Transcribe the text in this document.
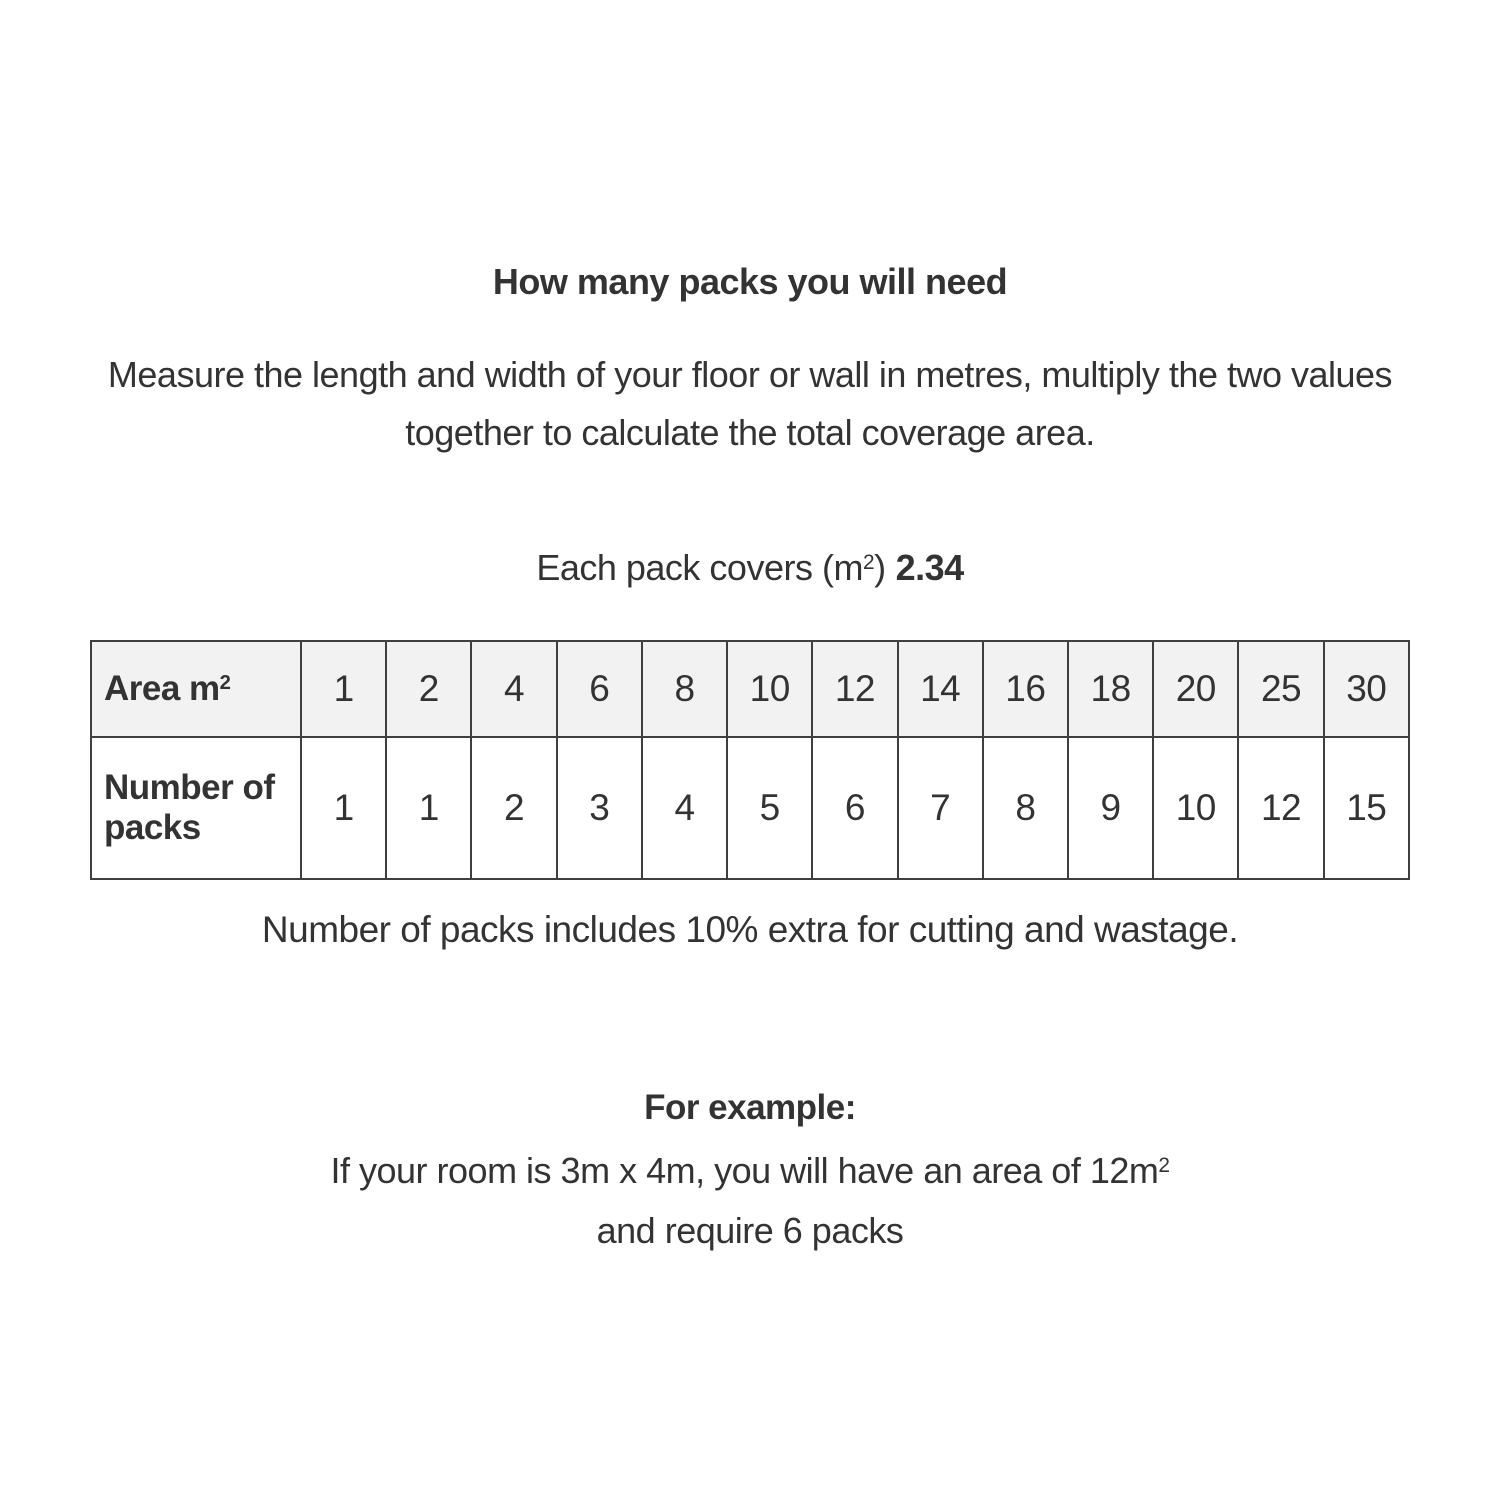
How many packs you will need
Measure the length and width of your floor or wall in metres, multiply the two values together to calculate the total coverage area.
Each pack covers $(m^2)$ 2.34
Area $m^2$	1	2	4	6	8	10	12	14	16	18	20	25	30
Number of packs	1	1	2	3	4	5	6	7	8	9	10	12	15
Number of packs includes 10% extra for cutting and wastage.
For example:
If your room is 3m x 4m, you will have an area of $12m^2$
and require 6 packs
